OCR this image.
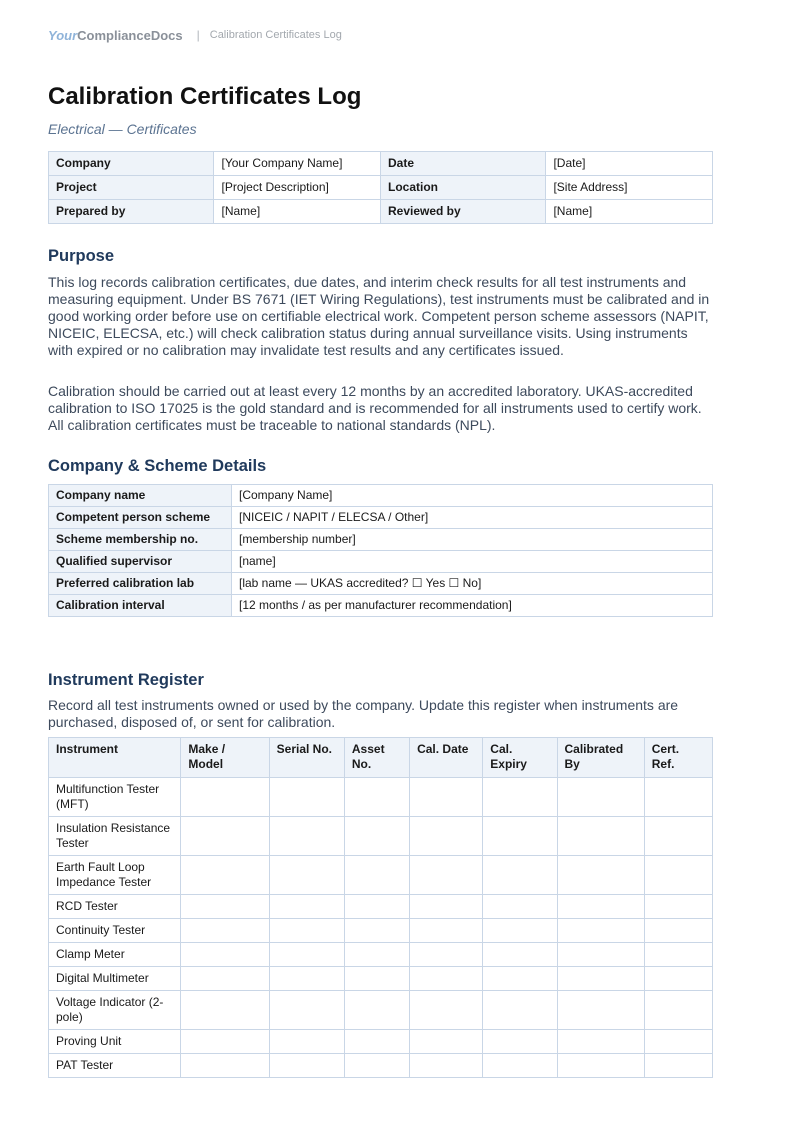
Your ComplianceDocs | Calibration Certificates Log
Calibration Certificates Log
Electrical — Certificates
Company	[Your Company Name]	Date	[Date]
Project	[Project Description]	Location	[Site Address]
Prepared by	[Name]	Reviewed by	[Name]
Purpose

This log records calibration certificates, due dates, and interim check results for all test instruments and measuring equipment. Under BS 7671 (IET Wiring Regulations), test instruments must be calibrated and in good working order before use on certifiable electrical work. Competent person scheme assessors (NAPIT, NICEIC, ELECSA, etc.) will check calibration status during annual surveillance visits. Using instruments with expired or no calibration may invalidate test results and any certificates issued.

Calibration should be carried out at least every 12 months by an accredited laboratory. UKAS-accredited calibration to ISO 17025 is the gold standard and is recommended for all instruments used to certify work. All calibration certificates must be traceable to national standards (NPL).

Company & Scheme Details
Company name	[Company Name]
Competent person scheme	[NICEIC / NAPIT / ELECSA / Other]
Scheme membership no.	[membership number]
Qualified supervisor	[name]
Preferred calibration lab	[lab name — UKAS accredited? ☐ Yes ☐ No]
Calibration interval	[12 months / as per manufacturer recommendation]
Instrument Register

Record all test instruments owned or used by the company. Update this register when instruments are purchased, disposed of, or sent for calibration.

Instrument	Make / Model	Serial No.	Asset No.	Cal. Date	Cal. Expiry	Calibrated By	Cert. Ref.
Multifunction Tester (MFT)							
Insulation Resistance Tester							
Earth Fault Loop Impedance Tester							
RCD Tester							
Continuity Tester							
Clamp Meter							
Digital Multimeter							
Voltage Indicator (2-pole)							
Proving Unit							
PAT Tester							
